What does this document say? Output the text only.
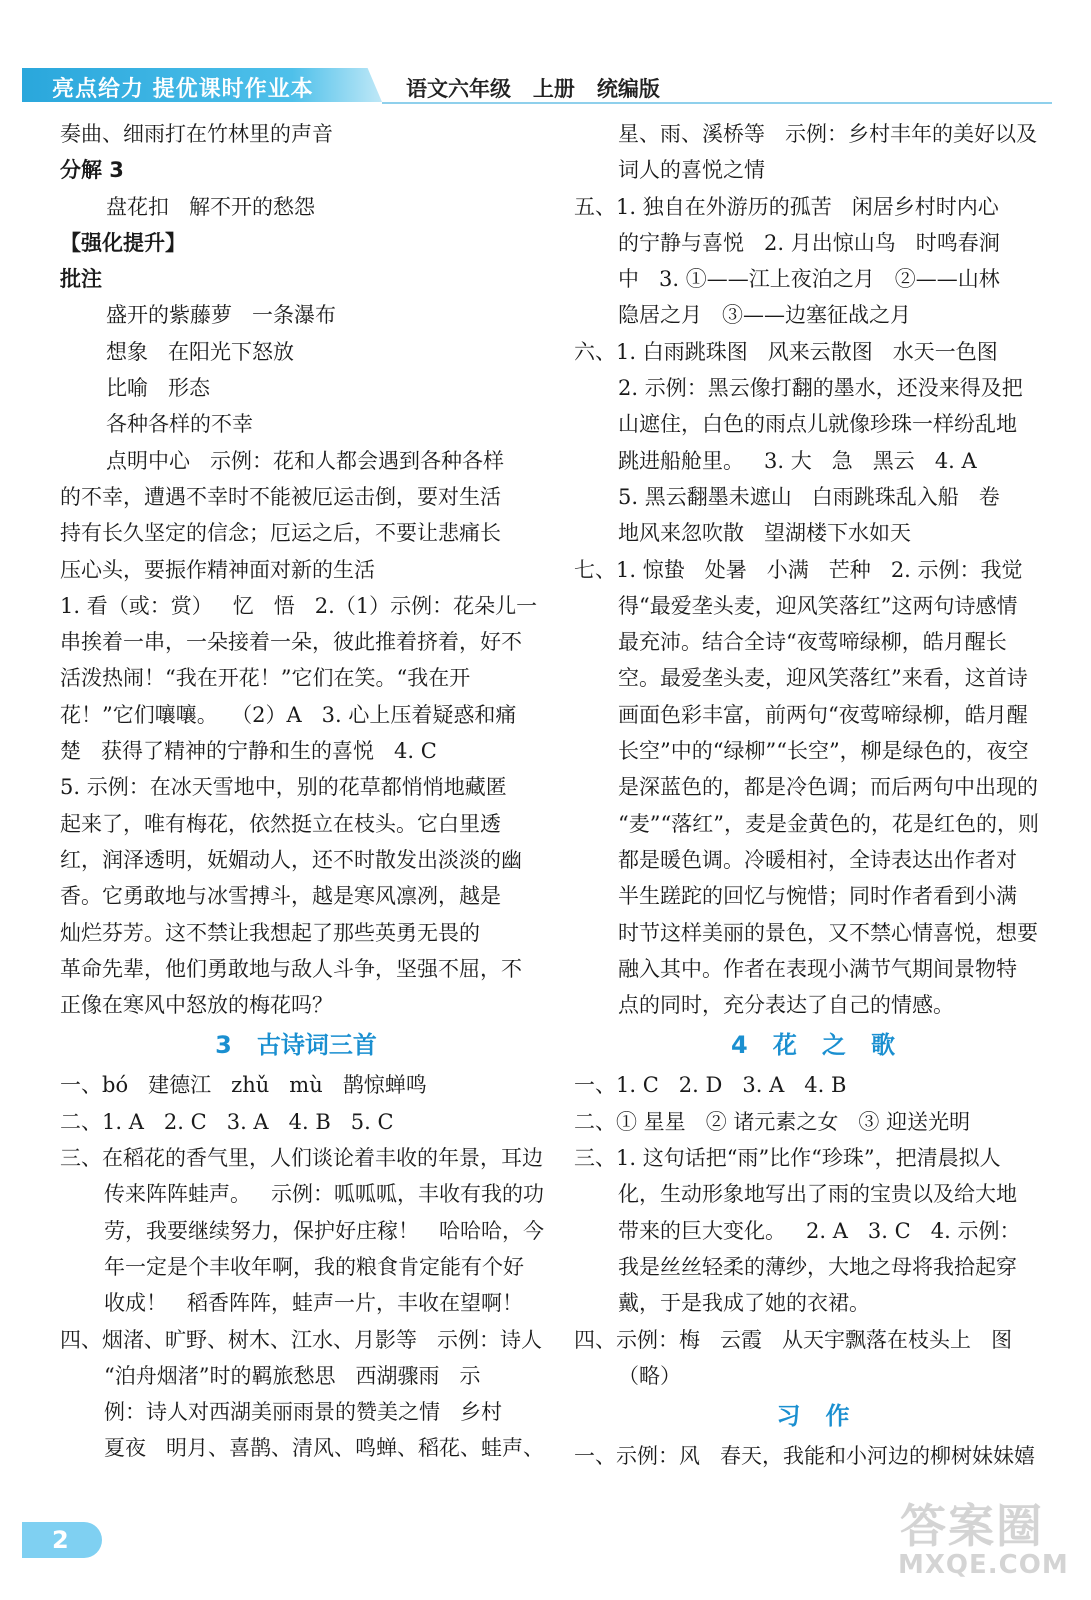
亮点给力 提优课时作业本	语文六年级   上册   统编版
奏曲、细雨打在竹林里的声音
分解 3
盘花扣   解不开的愁怨
【强化提升】
批注
盛开的紫藤萝   一条瀑布
想象   在阳光下怒放
比喻   形态
各种各样的不幸
点明中心   示例：花和人都会遇到各种各样
的不幸，遭遇不幸时不能被厄运击倒，要对生活
持有长久坚定的信念；厄运之后，不要让悲痛长
压心头，要振作精神面对新的生活
1. 看（或：赏）   忆   悟   2.（1）示例：花朵儿一
串挨着一串，一朵接着一朵，彼此推着挤着，好不
活泼热闹！“我在开花！”它们在笑。“我在开
花！”它们嚷嚷。  （2）A   3. 心上压着疑惑和痛
楚   获得了精神的宁静和生的喜悦   4. C
5. 示例：在冰天雪地中，别的花草都悄悄地藏匿
起来了，唯有梅花，依然挺立在枝头。它白里透
红，润泽透明，妩媚动人，还不时散发出淡淡的幽
香。它勇敢地与冰雪搏斗，越是寒风凛冽，越是
灿烂芬芳。这不禁让我想起了那些英勇无畏的
革命先辈，他们勇敢地与敌人斗争，坚强不屈，不
正像在寒风中怒放的梅花吗？
3   古诗词三首
一、bó   建德江   zhǔ   mù   鹊惊蝉鸣
二、1. A   2. C   3. A   4. B   5. C
三、在稻花的香气里，人们谈论着丰收的年景，耳边
传来阵阵蛙声。   示例：呱呱呱，丰收有我的功
劳，我要继续努力，保护好庄稼！   哈哈哈，今
年一定是个丰收年啊，我的粮食肯定能有个好
收成！   稻香阵阵，蛙声一片，丰收在望啊！
四、烟渚、旷野、树木、江水、月影等   示例：诗人
“泊舟烟渚”时的羁旅愁思   西湖骤雨   示
例：诗人对西湖美丽雨景的赞美之情   乡村
夏夜   明月、喜鹊、清风、鸣蝉、稻花、蛙声、
星、雨、溪桥等   示例：乡村丰年的美好以及
词人的喜悦之情
五、1. 独自在外游历的孤苦   闲居乡村时内心
的宁静与喜悦   2. 月出惊山鸟   时鸣春涧
中   3. ①——江上夜泊之月   ②——山林
隐居之月   ③——边塞征战之月
六、1. 白雨跳珠图   风来云散图   水天一色图
2. 示例：黑云像打翻的墨水，还没来得及把
山遮住，白色的雨点儿就像珍珠一样纷乱地
跳进船舱里。   3. 大   急   黑云   4. A
5. 黑云翻墨未遮山   白雨跳珠乱入船   卷
地风来忽吹散   望湖楼下水如天
七、1. 惊蛰   处暑   小满   芒种   2. 示例：我觉
得“最爱垄头麦，迎风笑落红”这两句诗感情
最充沛。结合全诗“夜莺啼绿柳，皓月醒长
空。最爱垄头麦，迎风笑落红”来看，这首诗
画面色彩丰富，前两句“夜莺啼绿柳，皓月醒
长空”中的“绿柳”“长空”，柳是绿色的，夜空
是深蓝色的，都是冷色调；而后两句中出现的
“麦”“落红”，麦是金黄色的，花是红色的，则
都是暖色调。冷暖相衬，全诗表达出作者对
半生蹉跎的回忆与惋惜；同时作者看到小满
时节这样美丽的景色，又不禁心情喜悦，想要
融入其中。作者在表现小满节气期间景物特
点的同时，充分表达了自己的情感。
4   花   之   歌
一、1. C   2. D   3. A   4. B
二、① 星星   ② 诸元素之女   ③ 迎送光明
三、1. 这句话把“雨”比作“珍珠”，把清晨拟人
化，生动形象地写出了雨的宝贵以及给大地
带来的巨大变化。   2. A   3. C   4. 示例：
我是丝丝轻柔的薄纱，大地之母将我拾起穿
戴，于是我成了她的衣裙。
四、示例：梅   云霞   从天宇飘落在枝头上   图
（略）
习   作
一、示例：风   春天，我能和小河边的柳树妹妹嬉
2	答案圈
MXQE.COM
